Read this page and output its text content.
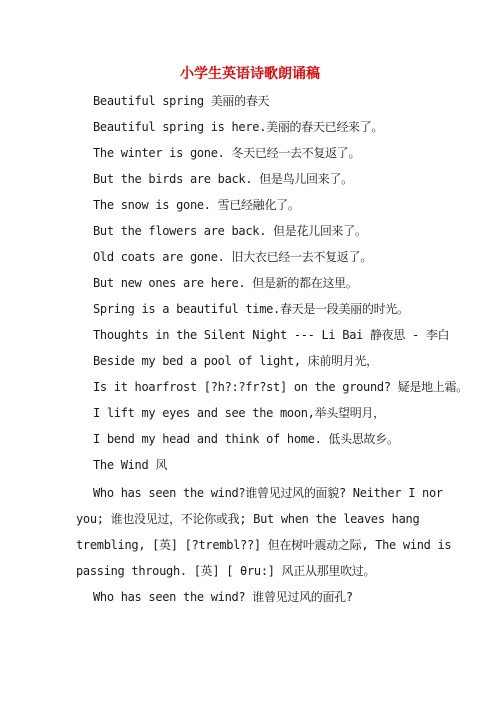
小学生英语诗歌朗诵稿
Beautiful spring 美丽的春天
Beautiful spring is here.美丽的春天已经来了。
The winter is gone. 冬天已经一去不复返了。
But the birds are back. 但是鸟儿回来了。
The snow is gone. 雪已经融化了。
But the flowers are back. 但是花儿回来了。
Old coats are gone. 旧大衣已经一去不复返了。
But new ones are here. 但是新的都在这里。
Spring is a beautiful time.春天是一段美丽的时光。
Thoughts in the Silent Night --- Li Bai 静夜思 - 李白
Beside my bed a pool of light, 床前明月光，
Is it hoarfrost [?h?:?fr?st] on the ground? 疑是地上霜。
I lift my eyes and see the moon,举头望明月，
I bend my head and think of home. 低头思故乡。
The Wind 风
Who has seen the wind?谁曾见过风的面貌? Neither I nor
you; 谁也没见过，不论你或我; But when the leaves hang
trembling, [英] [?trembl??] 但在树叶震动之际, The wind is
passing through. [英] [ θru:] 风正从那里吹过。
Who has seen the wind? 谁曾见过风的面孔?
